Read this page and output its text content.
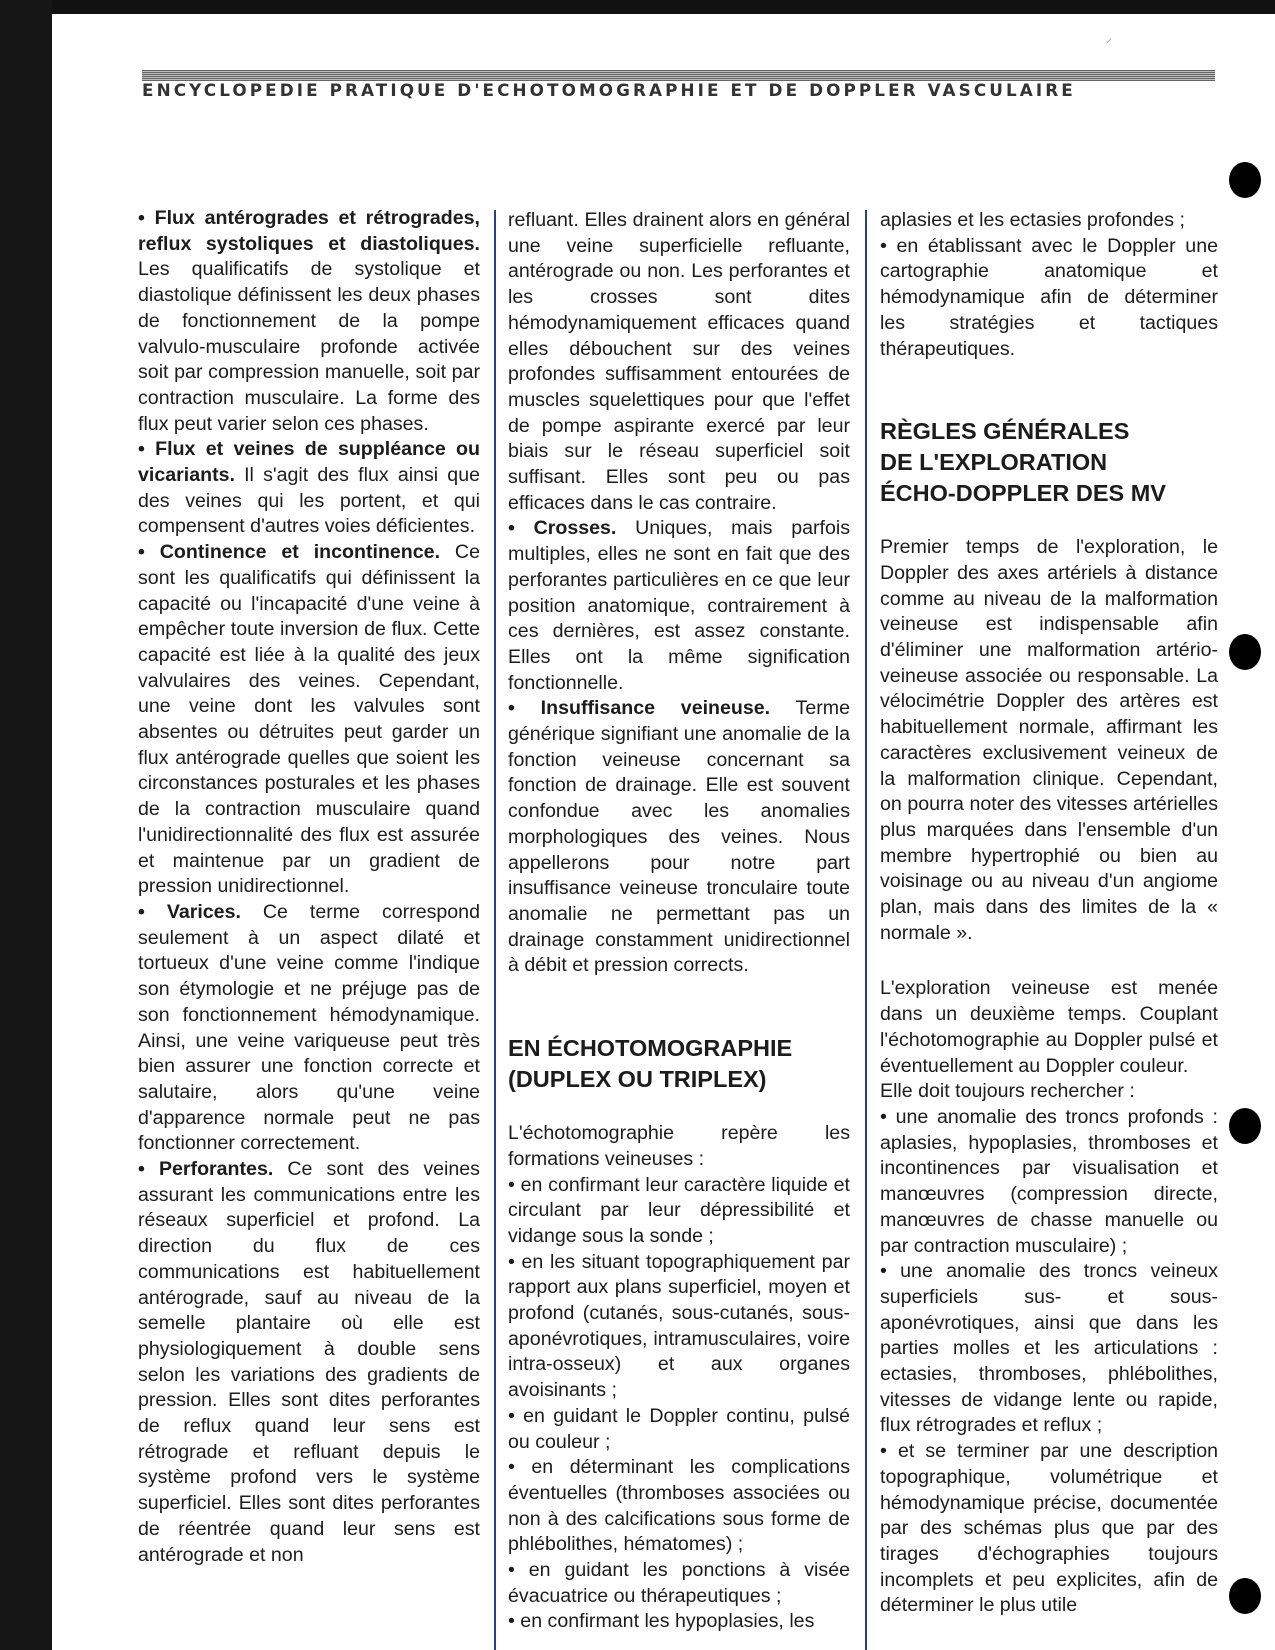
⸍
ENCYCLOPEDIE PRATIQUE D'ECHOTOMOGRAPHIE ET DE DOPPLER VASCULAIRE

• Flux antérogrades et rétrogrades, reflux systoliques et diastoliques. Les qualificatifs de systolique et diastolique définissent les deux phases de fonctionnement de la pompe valvulo-musculaire profonde activée soit par compression manuelle, soit par contraction musculaire. La forme des flux peut varier selon ces phases.

• Flux et veines de suppléance ou vicariants. Il s'agit des flux ainsi que des veines qui les portent, et qui compensent d'autres voies déficientes.

• Continence et incontinence. Ce sont les qualificatifs qui définissent la capacité ou l'incapacité d'une veine à empêcher toute inversion de flux. Cette capacité est liée à la qualité des jeux valvulaires des veines. Cependant, une veine dont les valvules sont absentes ou détruites peut garder un flux antérograde quelles que soient les circonstances posturales et les phases de la contraction musculaire quand l'unidirectionnalité des flux est assurée et maintenue par un gradient de pression unidirectionnel.

• Varices. Ce terme correspond seulement à un aspect dilaté et tortueux d'une veine comme l'indique son étymologie et ne préjuge pas de son fonctionnement hémodynamique. Ainsi, une veine variqueuse peut très bien assurer une fonction correcte et salutaire, alors qu'une veine d'apparence normale peut ne pas fonctionner correctement.

• Perforantes. Ce sont des veines assurant les communications entre les réseaux superficiel et profond. La direction du flux de ces communications est habituellement antérograde, sauf au niveau de la semelle plantaire où elle est physiologiquement à double sens selon les variations des gradients de pression. Elles sont dites perforantes de reflux quand leur sens est rétrograde et refluant depuis le système profond vers le système superficiel. Elles sont dites perforantes de réentrée quand leur sens est antérograde et non

refluant. Elles drainent alors en général une veine superficielle refluante, antérograde ou non. Les perforantes et les crosses sont dites hémodynamiquement efficaces quand elles débouchent sur des veines profondes suffisamment entourées de muscles squelettiques pour que l'effet de pompe aspirante exercé par leur biais sur le réseau superficiel soit suffisant. Elles sont peu ou pas efficaces dans le cas contraire.

• Crosses. Uniques, mais parfois multiples, elles ne sont en fait que des perforantes particulières en ce que leur position anatomique, contrairement à ces dernières, est assez constante. Elles ont la même signification fonctionnelle.

• Insuffisance veineuse. Terme générique signifiant une anomalie de la fonction veineuse concernant sa fonction de drainage. Elle est souvent confondue avec les anomalies morphologiques des veines. Nous appellerons pour notre part insuffisance veineuse tronculaire toute anomalie ne permettant pas un drainage constamment unidirectionnel à débit et pression corrects.

EN ÉCHOTOMOGRAPHIE (DUPLEX OU TRIPLEX)

L'échotomographie repère les formations veineuses :

• en confirmant leur caractère liquide et circulant par leur dépressibilité et vidange sous la sonde ;

• en les situant topographiquement par rapport aux plans superficiel, moyen et profond (cutanés, sous-cutanés, sous-aponévrotiques, intramusculaires, voire intra-osseux) et aux organes avoisinants ;

• en guidant le Doppler continu, pulsé ou couleur ;

• en déterminant les complications éventuelles (thromboses associées ou non à des calcifications sous forme de phlébolithes, hématomes) ;

• en guidant les ponctions à visée évacuatrice ou thérapeutiques ;

• en confirmant les hypoplasies, les

aplasies et les ectasies profondes ;

• en établissant avec le Doppler une cartographie anatomique et hémodynamique afin de déterminer les stratégies et tactiques thérapeutiques.

RÈGLES GÉNÉRALES
DE L'EXPLORATION
ÉCHO-DOPPLER DES MV

Premier temps de l'exploration, le Doppler des axes artériels à distance comme au niveau de la malformation veineuse est indispensable afin d'éliminer une malformation artério-veineuse associée ou responsable. La vélocimétrie Doppler des artères est habituellement normale, affirmant les caractères exclusivement veineux de la malformation clinique. Cependant, on pourra noter des vitesses artérielles plus marquées dans l'ensemble d'un membre hypertrophié ou bien au voisinage ou au niveau d'un angiome plan, mais dans des limites de la « normale ».

L'exploration veineuse est menée dans un deuxième temps. Couplant l'échotomographie au Doppler pulsé et éventuellement au Doppler couleur.

Elle doit toujours rechercher :

• une anomalie des troncs profonds : aplasies, hypoplasies, thromboses et incontinences par visualisation et manœuvres (compression directe, manœuvres de chasse manuelle ou par contraction musculaire) ;

• une anomalie des troncs veineux superficiels sus- et sous-aponévrotiques, ainsi que dans les parties molles et les articulations : ectasies, thromboses, phlébolithes, vitesses de vidange lente ou rapide, flux rétrogrades et reflux ;

• et se terminer par une description topographique, volumétrique et hémodynamique précise, documentée par des schémas plus que par des tirages d'échographies toujours incomplets et peu explicites, afin de déterminer le plus utile
